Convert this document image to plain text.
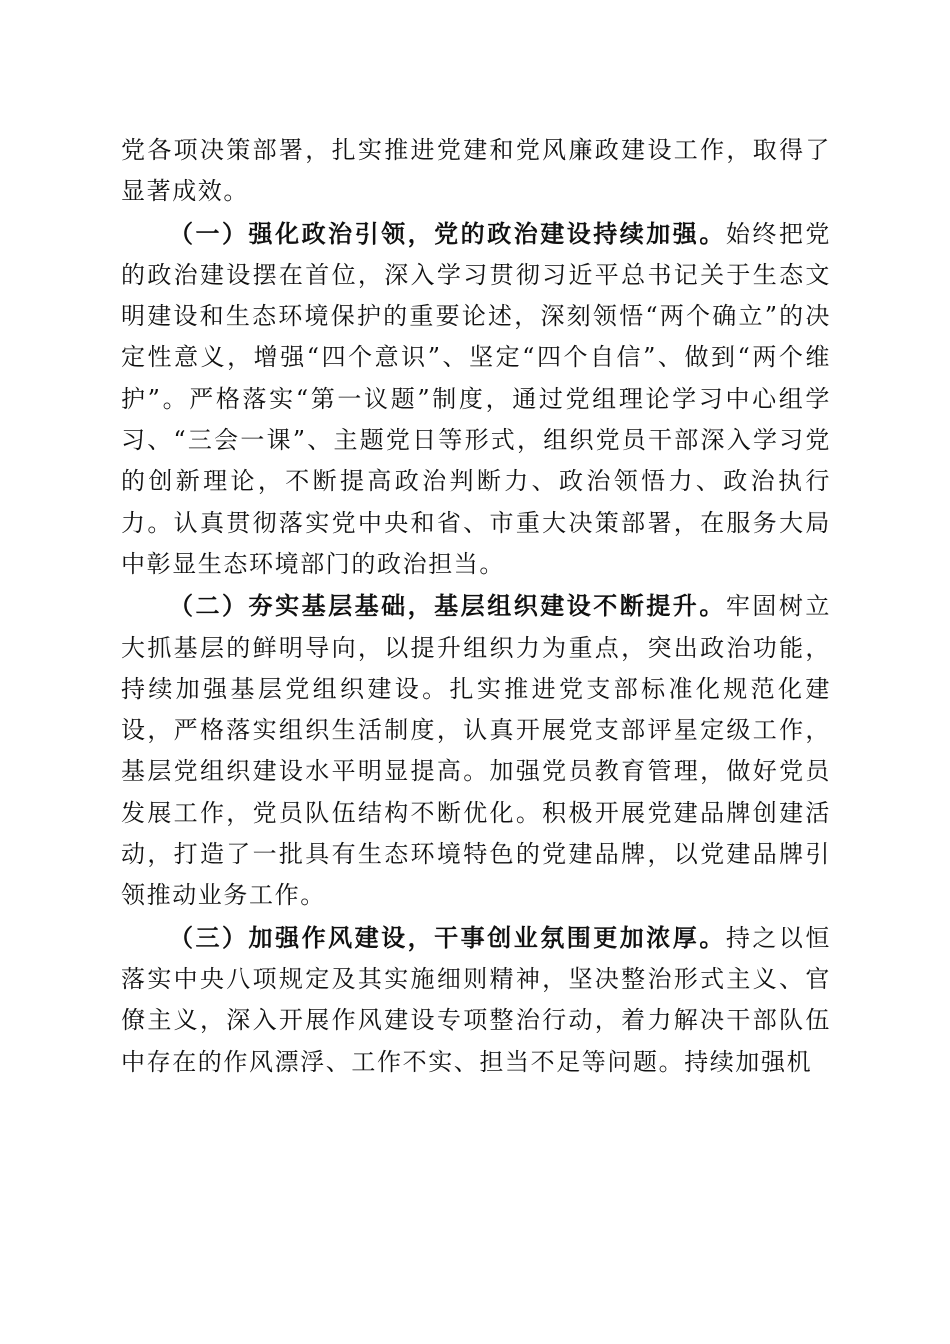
党各项决策部署，扎实推进党建和党风廉政建设工作，取得了显著成效。

（一）强化政治引领，党的政治建设持续加强。始终把党的政治建设摆在首位，深入学习贯彻习近平总书记关于生态文明建设和生态环境保护的重要论述，深刻领悟“两个确立”的决定性意义，增强“四个意识”、坚定“四个自信”、做到“两个维护”。严格落实“第一议题”制度，通过党组理论学习中心组学习、“三会一课”、主题党日等形式，组织党员干部深入学习党的创新理论，不断提高政治判断力、政治领悟力、政治执行力。认真贯彻落实党中央和省、市重大决策部署，在服务大局中彰显生态环境部门的政治担当。

（二）夯实基层基础，基层组织建设不断提升。牢固树立大抓基层的鲜明导向，以提升组织力为重点，突出政治功能，持续加强基层党组织建设。扎实推进党支部标准化规范化建设，严格落实组织生活制度，认真开展党支部评星定级工作，基层党组织建设水平明显提高。加强党员教育管理，做好党员发展工作，党员队伍结构不断优化。积极开展党建品牌创建活动，打造了一批具有生态环境特色的党建品牌，以党建品牌引领推动业务工作。

（三）加强作风建设，干事创业氛围更加浓厚。持之以恒落实中央八项规定及其实施细则精神，坚决整治形式主义、官僚主义，深入开展作风建设专项整治行动，着力解决干部队伍中存在的作风漂浮、工作不实、担当不足等问题。持续加强机
